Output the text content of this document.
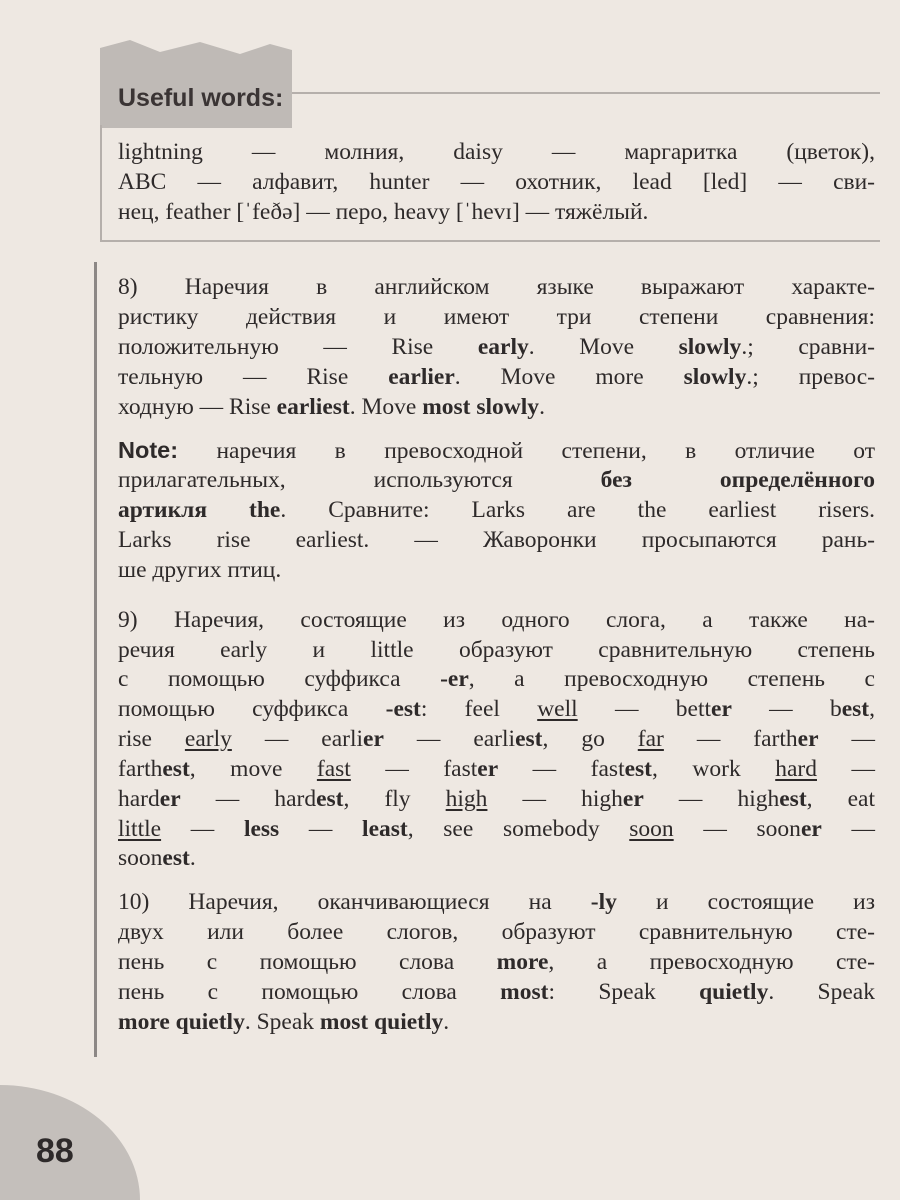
Useful words:
lightning — молния, daisy — маргаритка (цветок),
ABC — алфавит, hunter — охотник, lead [led] — сви-
нец, feather [ˈfeðə] — перо, heavy [ˈhevɪ] — тяжёлый.
8) Наречия в английском языке выражают характе-
ристику действия и имеют три степени сравнения:
положительную — Rise early. Move slowly.; сравни-
тельную — Rise earlier. Move more slowly.; превос-
ходную — Rise earliest. Move most slowly.
Note: наречия в превосходной степени, в отличие от
прилагательных, используются без определённого
артикля the. Сравните: Larks are the earliest risers.
Larks rise earliest. — Жаворонки просыпаются рань-
ше других птиц.
9) Наречия, состоящие из одного слога, а также на-
речия early и little образуют сравнительную степень
с помощью суффикса -er, а превосходную степень с
помощью суффикса -est: feel well — better — best,
rise early — earlier — earliest, go far — farther —
farthest, move fast — faster — fastest, work hard —
harder — hardest, fly high — higher — highest, eat
little — less — least, see somebody soon — sooner —
soonest.
10) Наречия, оканчивающиеся на -ly и состоящие из
двух или более слогов, образуют сравнительную сте-
пень с помощью слова more, а превосходную сте-
пень с помощью слова most: Speak quietly. Speak
more quietly. Speak most quietly.
88
